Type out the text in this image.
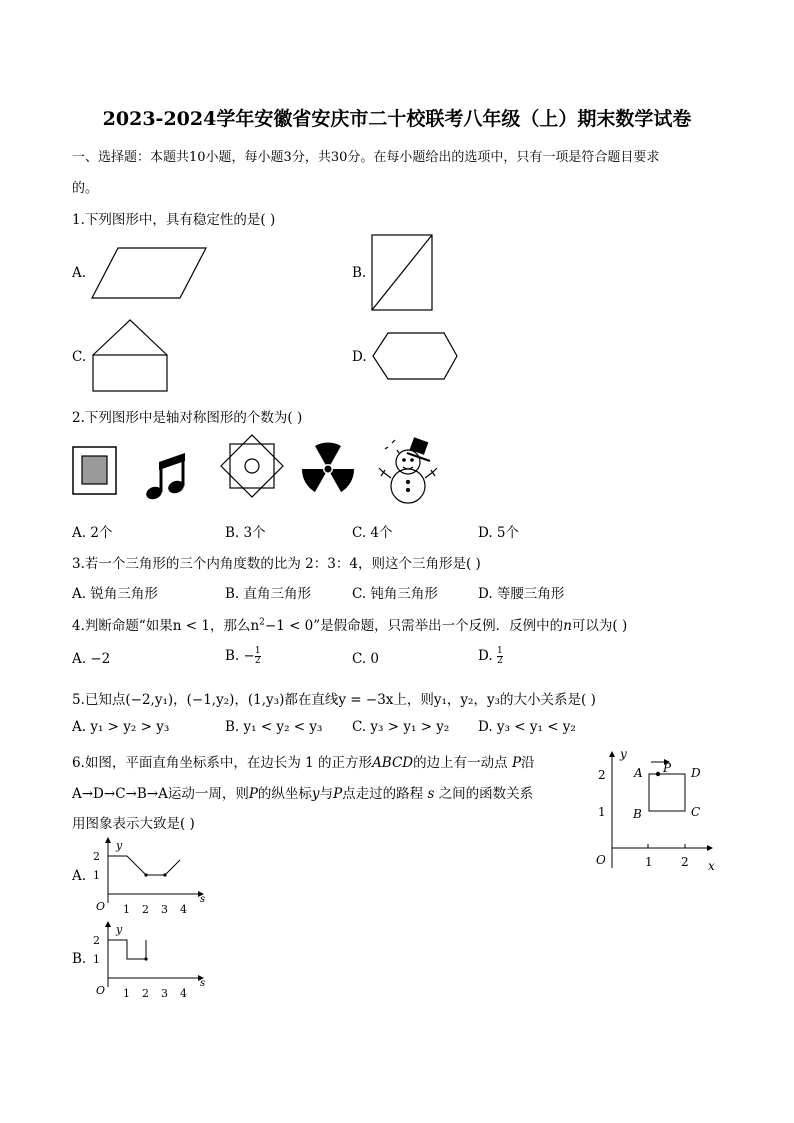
2023-2024学年安徽省安庆市二十校联考八年级（上）期末数学试卷
一、选择题：本题共10小题，每小题3分，共30分。在每小题给出的选项中，只有一项是符合题目要求
的。
1.下列图形中，具有稳定性的是( )
A.	B.
C.	D.
2.下列图形中是轴对称图形的个数为( )
A. 2个	B. 3个	C. 4个	D. 5个
3.若一个三角形的三个内角度数的比为 2：3：4，则这个三角形是( )
A. 锐角三角形	B. 直角三角形	C. 钝角三角形	D. 等腰三角形
4.判断命题“如果n < 1，那么$n^2-1 < 0$”是假命题，只需举出一个反例．反例中的n可以为( )
A. −2	B. − $\frac{1}{2}$	C. 0	D. $\frac{1}{2}$
5.已知点(−2,y₁)，(−1,y₂)，(1,y₃)都在直线y = −3x上，则y₁，y₂，y₃的大小关系是( )
A. y₁ > y₂ > y₃	B. y₁ < y₂ < y₃ C. y₃ > y₁ > y₂ D. y₃ < y₁ < y₂
6.如图，平面直角坐标系中，在边长为 1 的正方形ABCD的边上有一动点 P沿
A→D→C→B→A运动一周，则P的纵坐标y与P点走过的路程 s 之间的函数关系
用图象表示大致是( )
y
x
O
2
1
1 2
A P D
B	C
A.
y
s
O
2
1
1 2 3 4
B.
y
s
O
2
1
1 2 3 4
